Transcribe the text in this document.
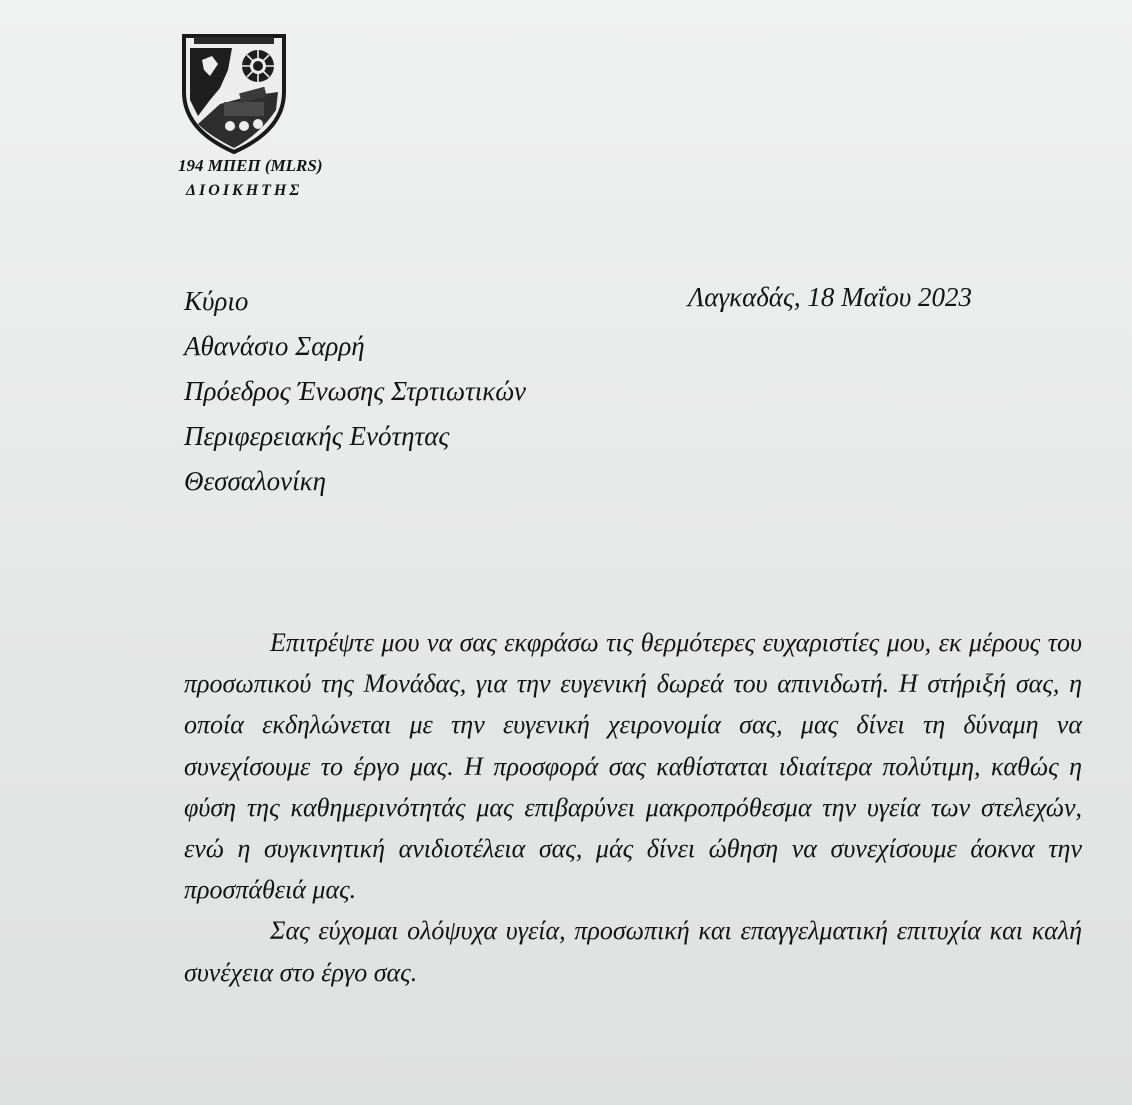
194 ΜΠΕΠ (MLRS)
ΔΙΟΙΚΗΤΗΣ
Λαγκαδάς, 18 Μαΐου 2023
Κύριο
Αθανάσιο Σαρρή
Πρόεδρος Ένωσης Στρτιωτικών
Περιφερειακής Ενότητας
Θεσσαλονίκη

Επιτρέψτε μου να σας εκφράσω τις θερμότερες ευχαριστίες μου, εκ μέρους του προσωπικού της Μονάδας, για την ευγενική δωρεά του απινιδωτή. Η στήριξή σας, η οποία εκδηλώνεται με την ευγενική χειρονομία σας, μας δίνει τη δύναμη να συνεχίσουμε το έργο μας. Η προσφορά σας καθίσταται ιδιαίτερα πολύτιμη, καθώς η φύση της καθημερινότητάς μας επιβαρύνει μακροπρόθεσμα την υγεία των στελεχών, ενώ η συγκινητική ανιδιοτέλεια σας, μάς δίνει ώθηση να συνεχίσουμε άοκνα την προσπάθειά μας.

Σας εύχομαι ολόψυχα υγεία, προσωπική και επαγγελματική επιτυχία και καλή συνέχεια στο έργο σας.
